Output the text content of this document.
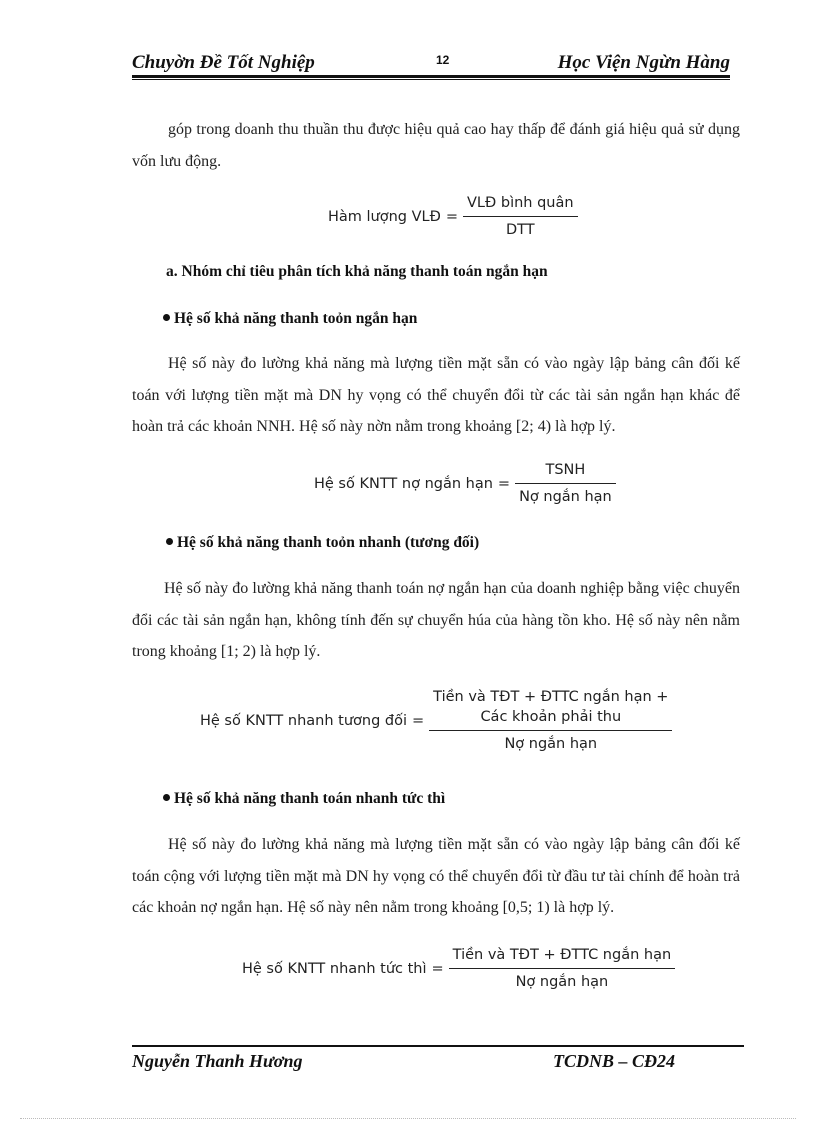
Chuyờn Đề Tốt Nghiệp	12	Học Viện Ngừn Hàng
góp trong doanh thu thuần thu được hiệu quả cao hay thấp để đánh giá hiệu quả sử dụng vốn lưu động.
Hàm lượng VLĐ = $\frac{\text{VLĐ bình quân}}{\text{DTT}}$
a. Nhóm chỉ tiêu phân tích khả năng thanh toán ngắn hạn
Hệ số khả năng thanh toỏn ngắn hạn
Hệ số này đo lường khả năng mà lượng tiền mặt sẵn có vào ngày lập bảng cân đối kế toán với lượng tiền mặt mà DN hy vọng có thể chuyển đổi từ các tài sản ngắn hạn khác để hoàn trả các khoản NNH. Hệ số này nờn nằm trong khoảng [2; 4) là hợp lý.
Hệ số KNTT nợ ngắn hạn = $\frac{\text{TSNH}}{\text{Nợ ngắn hạn}}$
Hệ số khả năng thanh toỏn nhanh (tương đối)
Hệ số này đo lường khả năng thanh toán nợ ngắn hạn của doanh nghiệp bằng việc chuyển đổi các tài sản ngắn hạn, không tính đến sự chuyển húa của hàng tồn kho. Hệ số này nên nằm trong khoảng [1; 2) là hợp lý.
Hệ số KNTT nhanh tương đối =
Tiền và TĐT + ĐTTC ngắn hạn +
Các khoản phải thu
Nợ ngắn hạn
Hệ số khả năng thanh toán nhanh tức thì
Hệ số này đo lường khả năng mà lượng tiền mặt sẵn có vào ngày lập bảng cân đối kế toán cộng với lượng tiền mặt mà DN hy vọng có thể chuyển đổi từ đầu tư tài chính để hoàn trả các khoản nợ ngắn hạn. Hệ số này nên nằm trong khoảng [0,5; 1) là hợp lý.
Hệ số KNTT nhanh tức thì = $\frac{\text{Tiền và TĐT + ĐTTC ngắn hạn}}{\text{Nợ ngắn hạn}}$
Nguyễn Thanh Hương	TCDNB – CĐ24
